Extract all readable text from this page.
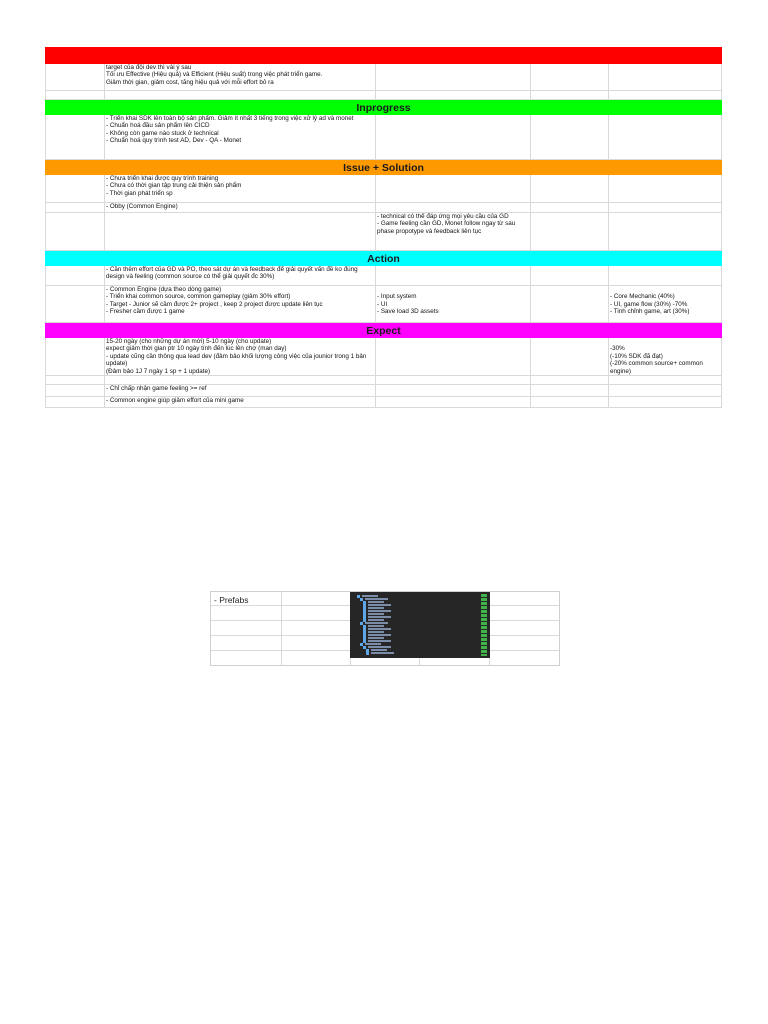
target của đội dev thì vài ý sau
Tối ưu Effective (Hiệu quả) và Efficient (Hiệu suất) trong việc phát triển game.
Giảm thời gian, giảm cost, tăng hiệu quả với mỗi effort bỏ ra
Inprogress
- Triển khai SDK lên toàn bộ sản phẩm. Giảm ít nhất 3 tiếng trong việc xử lý ad và monet
- Chuẩn hoá đầu sản phẩm lên CICD
- Không còn game nào stuck ở technical
- Chuẩn hoá quy trình test AD, Dev - QA - Monet
Issue + Solution
- Chưa triển khai được quy trình training
- Chưa có thời gian tập trung cải thiện sản phẩm
- Thời gian phát triển sp
- Obby (Common Engine)
- technical có thể đáp ứng mọi yêu cầu của GD
- Game feeling cần GD, Monet follow ngay từ sau phase propotype và feedback liên tục
Action
- Cần thêm effort của GD và PO, theo sát dự án và feedback để giải quyết vấn đề ko đúng design và feeling (common source có thể giải quyết đc 30%)
- Common Engine (dựa theo dòng game)
- Triển khai common source, common gameplay (giảm 30% effort)
- Target - Junior sẽ cầm được 2+ project , keep 2 project được update liên tục
- Fresher cầm được 1 game

- Input system
- UI
- Save load 3D assets

- Core Mechanic (40%)
- UI, game flow (30%) -70%
- Tinh chỉnh game, art (30%)
Expect
15-20 ngày (cho những dự án mới) 5-10 ngày (cho update)
expect giảm thời gian ptr 10 ngày tính đến lúc lên chợ (man day)
- update cũng cần thông qua lead dev (đảm bảo khối lượng công việc của jounior trong 1 bản update)
(Đảm bảo 1J 7 ngày 1 sp + 1 update)

-30%
(-10% SDK đã đạt)
(-20% common source+ common engine)
- Chỉ chấp nhận game feeling >= ref
- Common engine giúp giảm effort của mini game
- Prefabs
